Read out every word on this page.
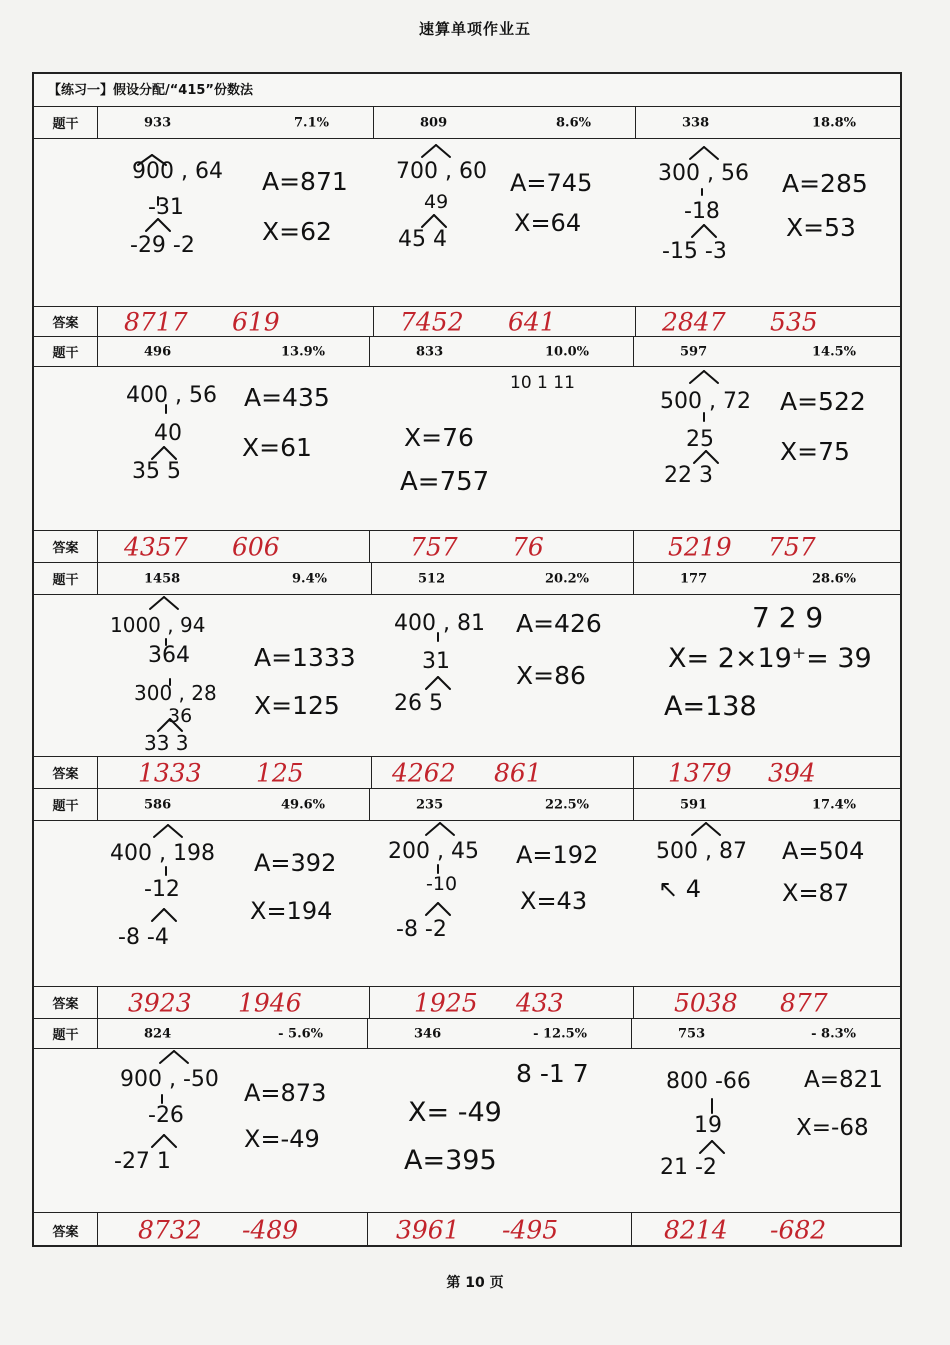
速算单项作业五
【练习一】假设分配/“415”份数法
题干	933	7.1%	809	8.6%	338	18.8%
900 , 64
-31
-29 -2
A=871
X=62
700 , 60
49
45 4
A=745
X=64
300 , 56
-18
-15 -3
A=285
X=53
答案	8717 619	7452 641	2847 535
题干	496	13.9%	833	10.0%	597	14.5%
400 , 56
40
35 5
A=435
X=61
10 1 11
X=76
A=757
500 , 72
25
22 3
A=522
X=75
答案	4357 606	757 76	5219 757
题干	1458	9.4%	512	20.2%	177	28.6%
1000 , 94
364
300 , 28
36
33 3
A=1333
X=125
400 , 81
31
26 5
A=426
X=86
7 2 9
X= 2×19⁺= 39
A=138
答案	1333 125	4262 861	1379 394
题干	586	49.6%	235	22.5%	591	17.4%
400 , 198
-12
-8 -4
A=392
X=194
200 , 45
-10
-8 -2
A=192
X=43
500 , 87
↖ 4
A=504
X=87
答案	3923 1946	1925 433	5038 877
题干	824	- 5.6%	346	- 12.5%	753	- 8.3%
900 , -50
-26
-27 1
A=873
X=-49
8 -1 7
X= -49
A=395
800 -66
19
21 -2
A=821
X=-68
答案	8732 -489	3961 -495	8214 -682
第 10 页
